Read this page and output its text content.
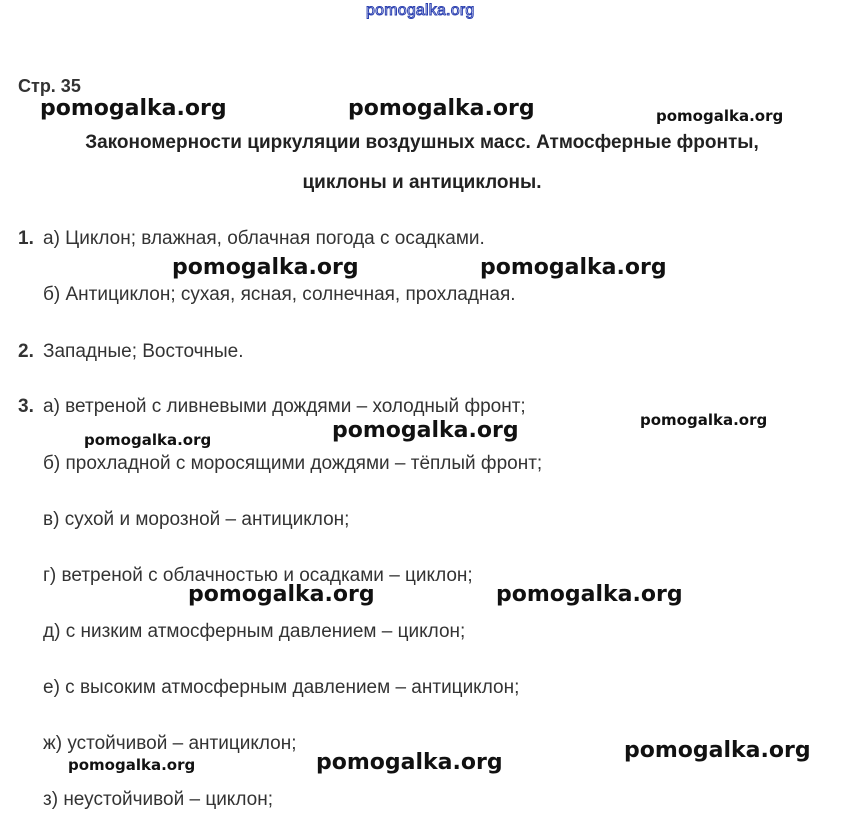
pomogalka.org
Стр. 35
Закономерности циркуляции воздушных масс. Атмосферные фронты,
циклоны и антициклоны.
1. а) Циклон; влажная, облачная погода с осадками.
б) Антициклон; сухая, ясная, солнечная, прохладная.
2. Западные; Восточные.
3. а) ветреной с ливневыми дождями – холодный фронт;
б) прохладной с моросящими дождями – тёплый фронт;
в) сухой и морозной – антициклон;
г) ветреной с облачностью и осадками – циклон;
д) с низким атмосферным давлением – циклон;
е) с высоким атмосферным давлением – антициклон;
ж) устойчивой – антициклон;
з) неустойчивой – циклон;
pomogalka.org	pomogalka.org	pomogalka.org
pomogalka.org	pomogalka.org
pomogalka.org
pomogalka.org
pomogalka.org
pomogalka.org	pomogalka.org
pomogalka.org
pomogalka.org
pomogalka.org
